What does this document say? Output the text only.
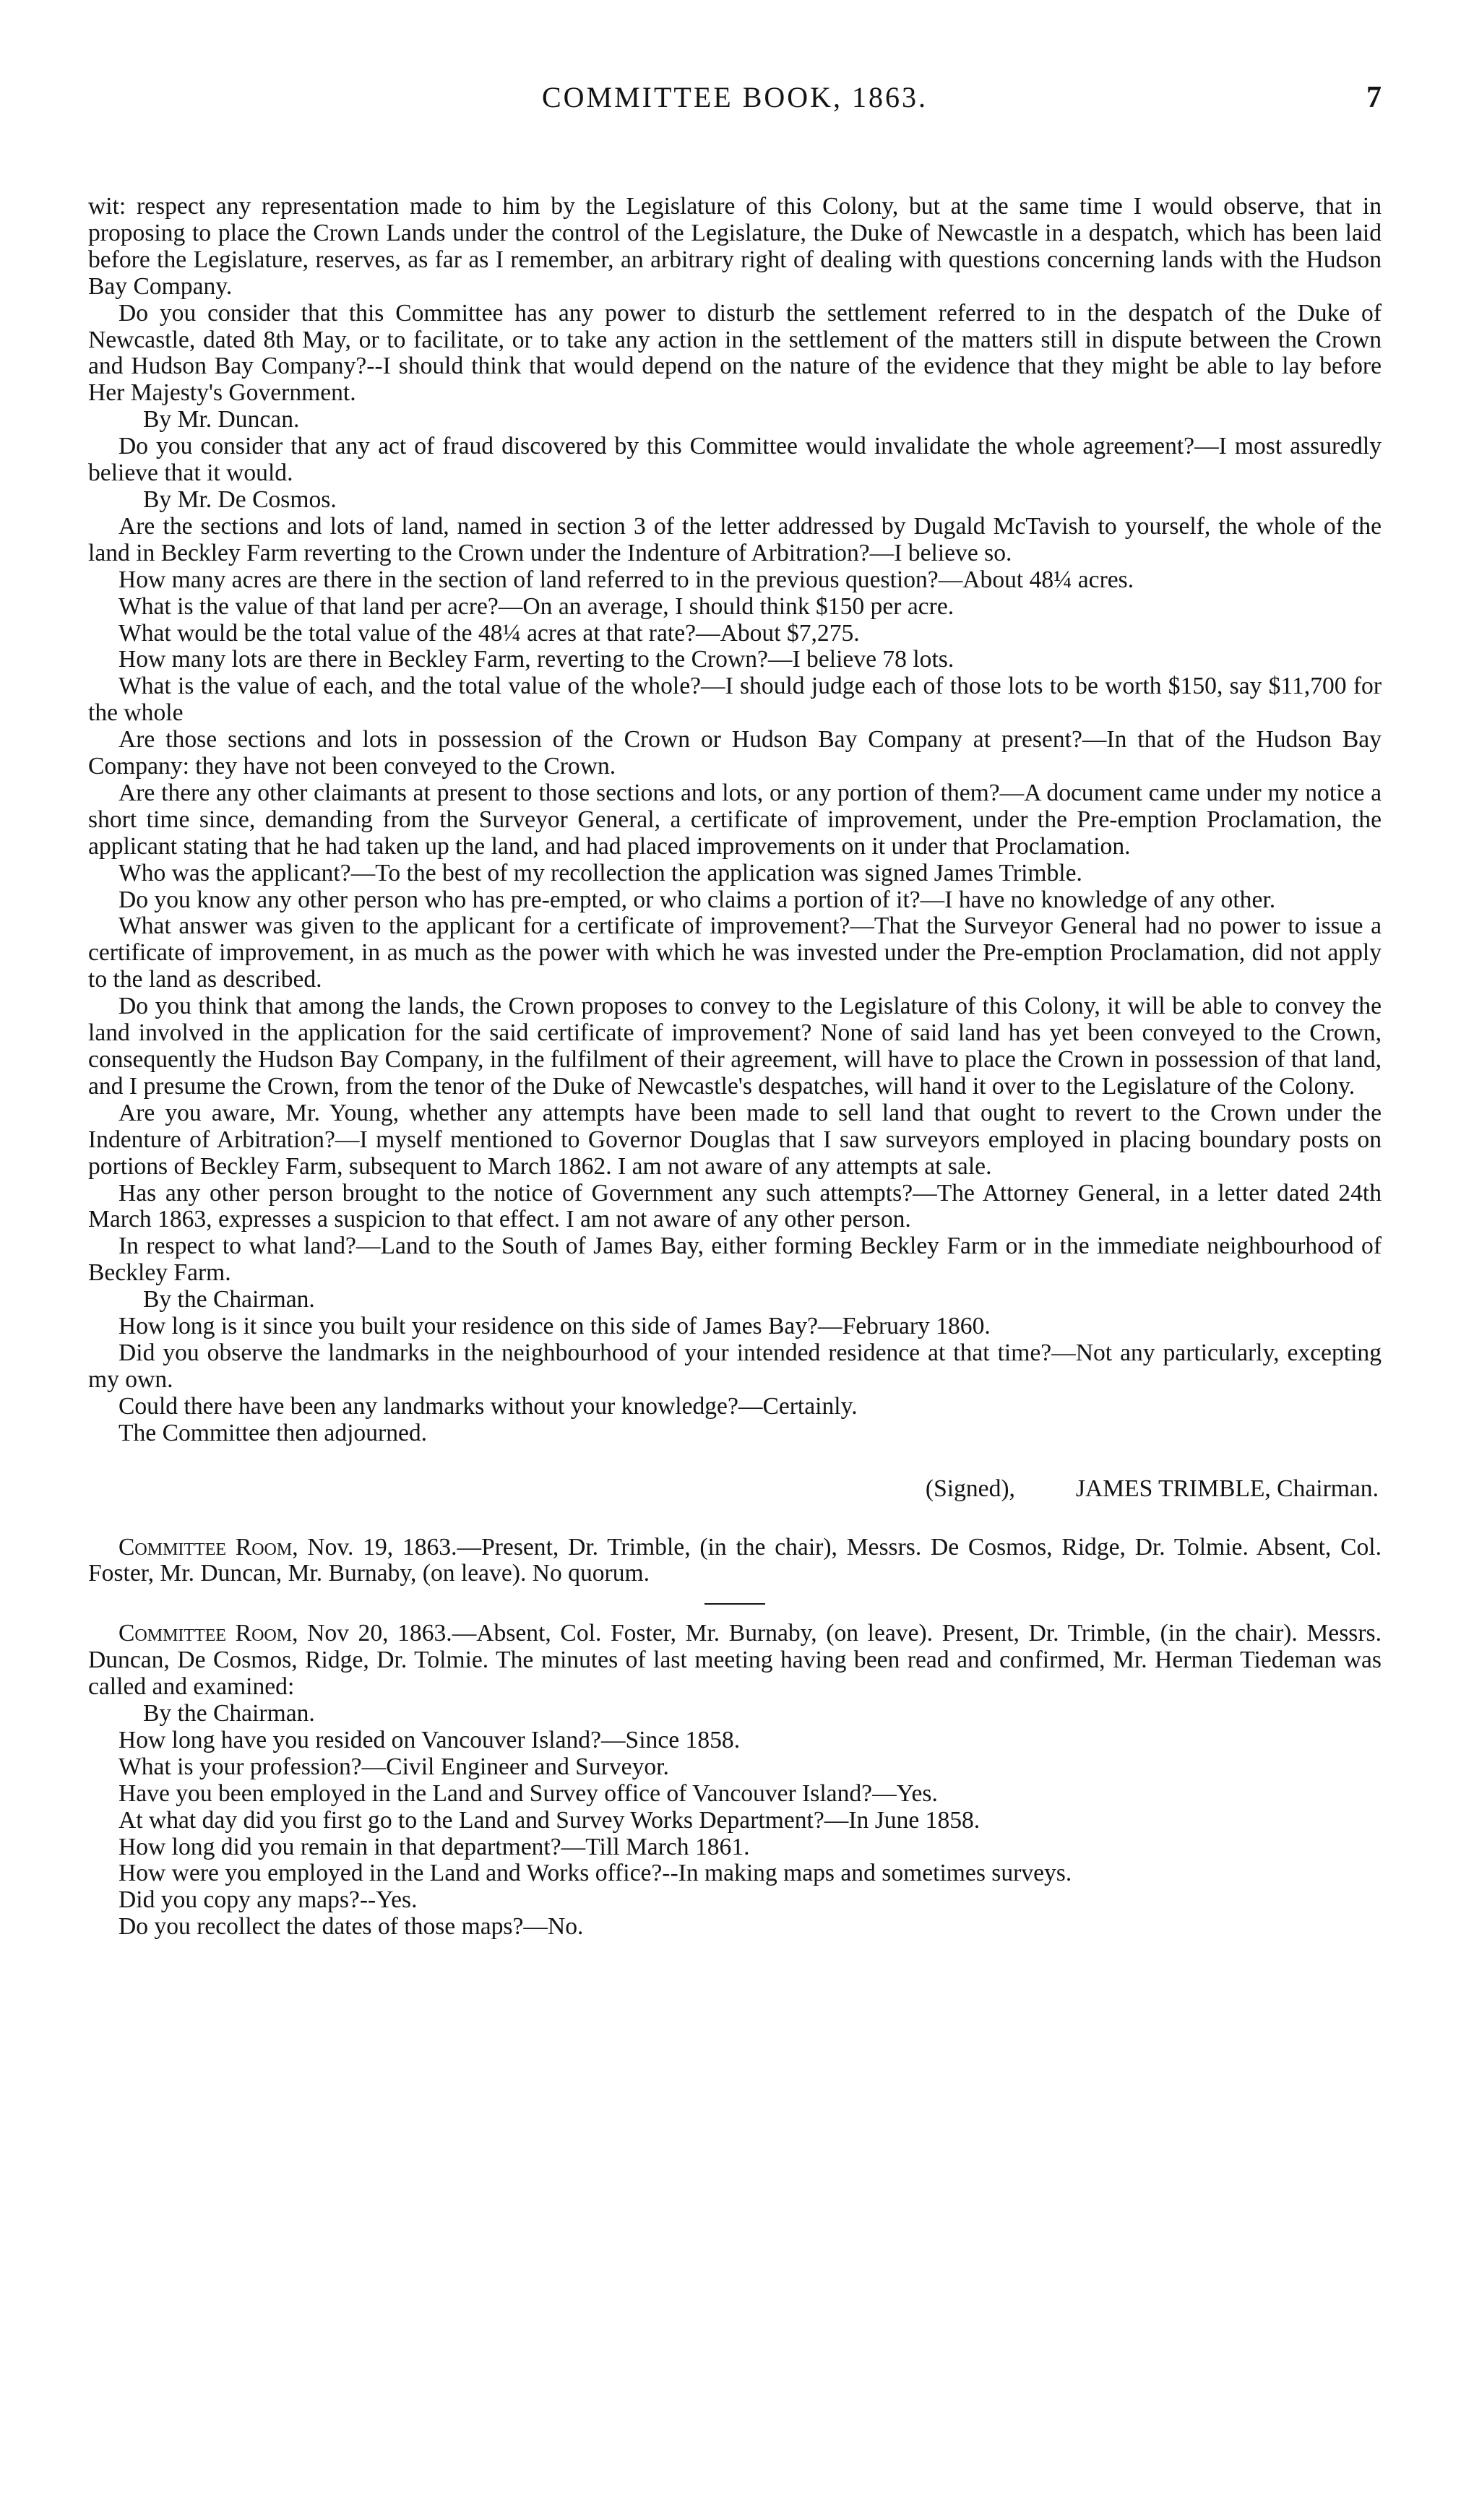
COMMITTEE BOOK, 1863.	7

wit: respect any representation made to him by the Legislature of this Colony, but at the same time I would observe, that in proposing to place the Crown Lands under the control of the Legislature, the Duke of Newcastle in a despatch, which has been laid before the Legislature, reserves, as far as I remember, an arbitrary right of dealing with questions concerning lands with the Hudson Bay Company.

Do you consider that this Committee has any power to disturb the settlement referred to in the despatch of the Duke of Newcastle, dated 8th May, or to facilitate, or to take any action in the settlement of the matters still in dispute between the Crown and Hudson Bay Company?--I should think that would depend on the nature of the evidence that they might be able to lay before Her Majesty's Government.

By Mr. Duncan.

Do you consider that any act of fraud discovered by this Committee would invalidate the whole agreement?—I most assuredly believe that it would.

By Mr. De Cosmos.

Are the sections and lots of land, named in section 3 of the letter addressed by Dugald McTavish to yourself, the whole of the land in Beckley Farm reverting to the Crown under the Indenture of Arbitration?—I believe so.

How many acres are there in the section of land referred to in the previous question?—About 48¼ acres.

What is the value of that land per acre?—On an average, I should think $150 per acre.

What would be the total value of the 48¼ acres at that rate?—About $7,275.

How many lots are there in Beckley Farm, reverting to the Crown?—I believe 78 lots.

What is the value of each, and the total value of the whole?—I should judge each of those lots to be worth $150, say $11,700 for the whole

Are those sections and lots in possession of the Crown or Hudson Bay Company at present?—In that of the Hudson Bay Company: they have not been conveyed to the Crown.

Are there any other claimants at present to those sections and lots, or any portion of them?—A document came under my notice a short time since, demanding from the Surveyor General, a certificate of improvement, under the Pre-emption Proclamation, the applicant stating that he had taken up the land, and had placed improvements on it under that Proclamation.

Who was the applicant?—To the best of my recollection the application was signed James Trimble.

Do you know any other person who has pre-empted, or who claims a portion of it?—I have no knowledge of any other.

What answer was given to the applicant for a certificate of improvement?—That the Surveyor General had no power to issue a certificate of improvement, in as much as the power with which he was invested under the Pre-emption Proclamation, did not apply to the land as described.

Do you think that among the lands, the Crown proposes to convey to the Legislature of this Colony, it will be able to convey the land involved in the application for the said certificate of improvement? None of said land has yet been conveyed to the Crown, consequently the Hudson Bay Company, in the fulfilment of their agreement, will have to place the Crown in possession of that land, and I presume the Crown, from the tenor of the Duke of Newcastle's despatches, will hand it over to the Legislature of the Colony.

Are you aware, Mr. Young, whether any attempts have been made to sell land that ought to revert to the Crown under the Indenture of Arbitration?—I myself mentioned to Governor Douglas that I saw surveyors employed in placing boundary posts on portions of Beckley Farm, subsequent to March 1862. I am not aware of any attempts at sale.

Has any other person brought to the notice of Government any such attempts?—The Attorney General, in a letter dated 24th March 1863, expresses a suspicion to that effect. I am not aware of any other person.

In respect to what land?—Land to the South of James Bay, either forming Beckley Farm or in the immediate neighbourhood of Beckley Farm.

By the Chairman.

How long is it since you built your residence on this side of James Bay?—February 1860.

Did you observe the landmarks in the neighbourhood of your intended residence at that time?—Not any particularly, excepting my own.

Could there have been any landmarks without your knowledge?—Certainly.

The Committee then adjourned.

(Signed),          JAMES TRIMBLE, Chairman.

Committee Room, Nov. 19, 1863.—Present, Dr. Trimble, (in the chair), Messrs. De Cosmos, Ridge, Dr. Tolmie. Absent, Col. Foster, Mr. Duncan, Mr. Burnaby, (on leave). No quorum.

Committee Room, Nov 20, 1863.—Absent, Col. Foster, Mr. Burnaby, (on leave). Present, Dr. Trimble, (in the chair). Messrs. Duncan, De Cosmos, Ridge, Dr. Tolmie. The minutes of last meeting having been read and confirmed, Mr. Herman Tiedeman was called and examined:

By the Chairman.

How long have you resided on Vancouver Island?—Since 1858.

What is your profession?—Civil Engineer and Surveyor.

Have you been employed in the Land and Survey office of Vancouver Island?—Yes.

At what day did you first go to the Land and Survey Works Department?—In June 1858.

How long did you remain in that department?—Till March 1861.

How were you employed in the Land and Works office?--In making maps and sometimes surveys.

Did you copy any maps?--Yes.

Do you recollect the dates of those maps?—No.
